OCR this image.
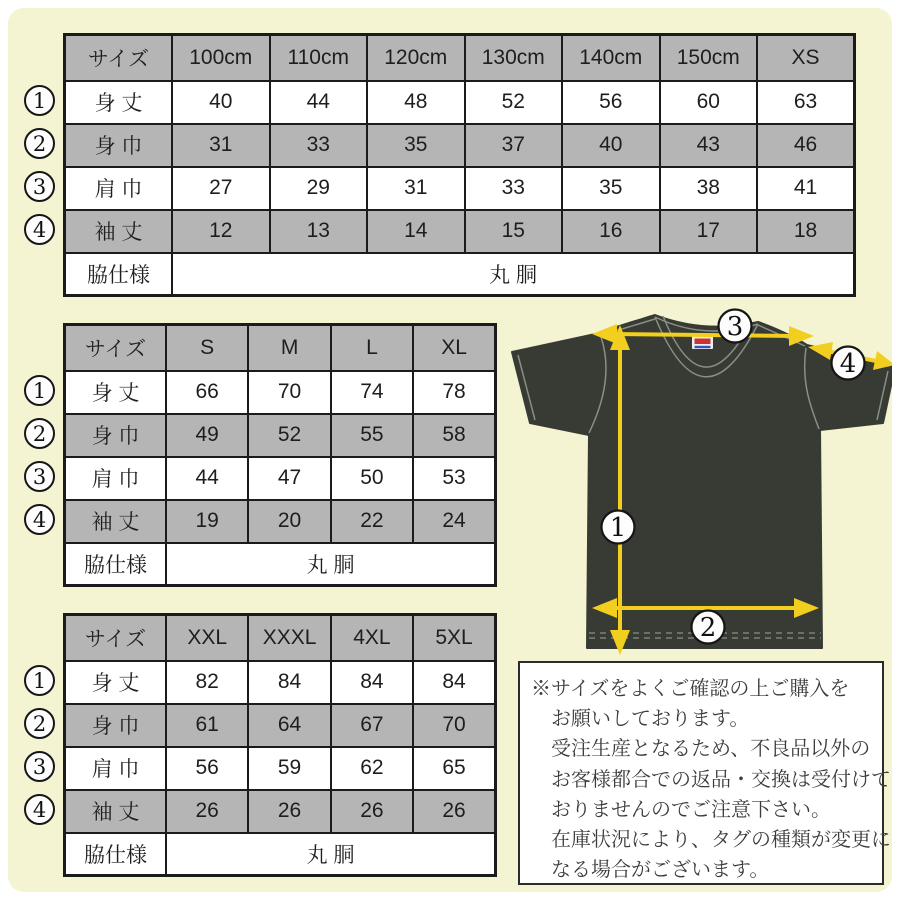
サイズ	100cm	110cm	120cm	130cm	140cm	150cm	XS
身 丈	40	44	48	52	56	60	63
身 巾	31	33	35	37	40	43	46
肩 巾	27	29	31	33	35	38	41
袖 丈	12	13	14	15	16	17	18
脇仕様	丸 胴						
サイズ	S	M	L	XL
身 丈	66	70	74	78
身 巾	49	52	55	58
肩 巾	44	47	50	53
袖 丈	19	20	22	24
脇仕様	丸 胴			
サイズ	XXL	XXXL	4XL	5XL
身 丈	82	84	84	84
身 巾	61	64	67	70
肩 巾	56	59	62	65
袖 丈	26	26	26	26
脇仕様	丸 胴			
1
2
3
4
※サイズをよくご確認の上ご購入を
お願いしております。
受注生産となるため、不良品以外の
お客様都合での返品・交換は受付けて
おりませんのでご注意下さい。
在庫状況により、タグの種類が変更に
なる場合がございます。
1
2
3
4
1
2
3
4
1
2
3
4
